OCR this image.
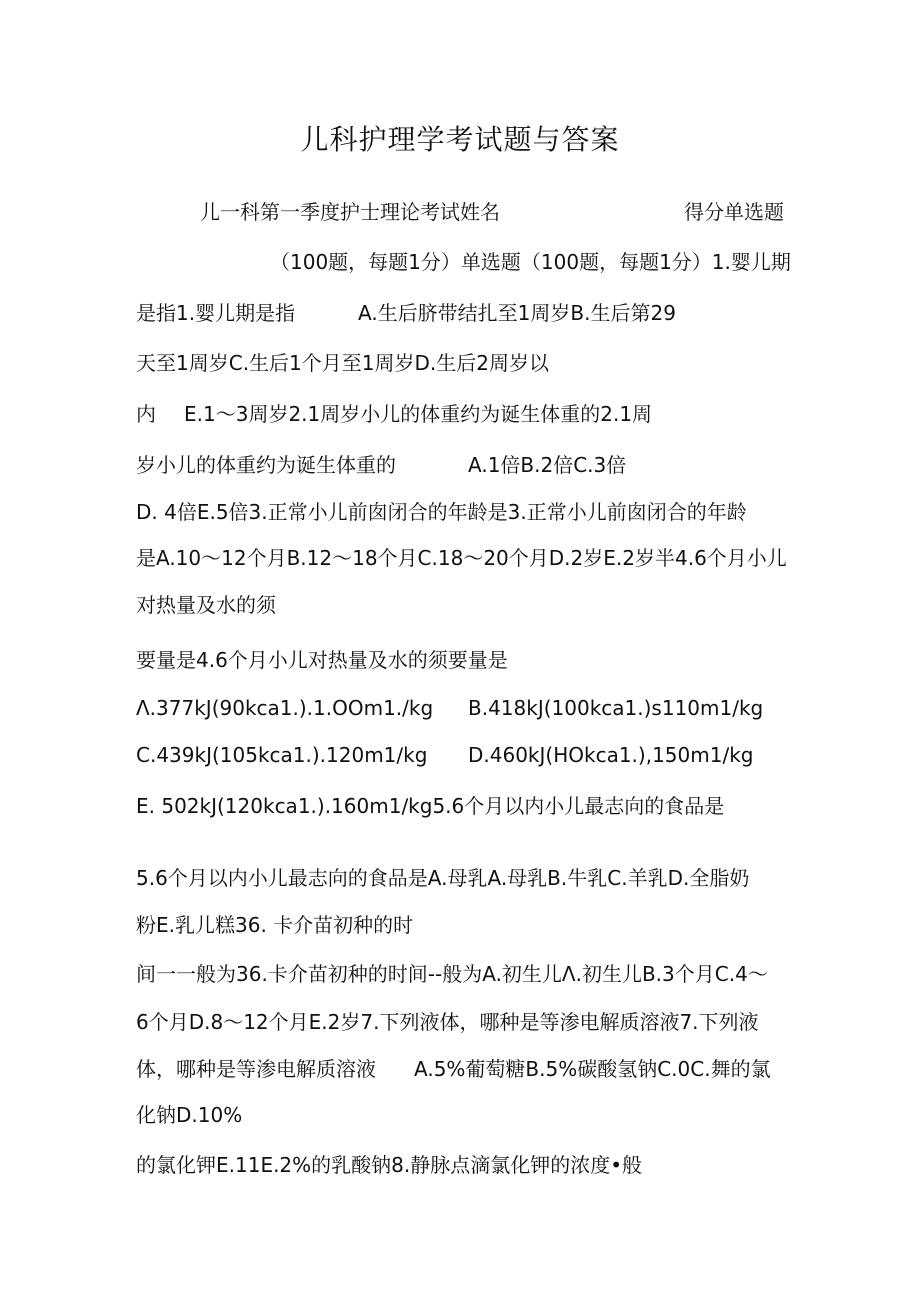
儿科护理学考试题与答案
儿一科第一季度护士理论考试姓名	得分单选题
（100题，每题1分）单选题（100题，每题1分）1.婴儿期
是指1.婴儿期是指	A.生后脐带结扎至1周岁B.生后第29
天至1周岁C.生后1个月至1周岁D.生后2周岁以
内 E.1～3周岁2.1周岁小儿的体重约为诞生体重的2.1周
岁小儿的体重约为诞生体重的	A.1倍B.2倍C.3倍
D. 4倍E.5倍3.正常小儿前囱闭合的年龄是3.正常小儿前囱闭合的年龄
是A.10～12个月B.12～18个月C.18～20个月D.2岁E.2岁半4.6个月小儿
对热量及水的须
要量是4.6个月小儿对热量及水的须要量是
Λ.377kJ(90kca1.).1.OOm1./kg B.418kJ(100kca1.)s110m1∕kg
C.439kJ(105kca1.).120m1∕kg D.460kJ(HOkca1.),150m1∕kg
E. 502kJ(120kca1.).160m1∕kg5.6个月以内小儿最志向的食品是
5.6个月以内小儿最志向的食品是A.母乳A.母乳B.牛乳C.羊乳D.全脂奶
粉E.乳儿糕36. 卡介苗初种的时
间一一般为36.卡介苗初种的时间--般为A.初生儿Λ.初生儿B.3个月C.4～
6个月D.8～12个月E.2岁7.下列液体，哪种是等渗电解质溶液7.下列液
体，哪种是等渗电解质溶液 A.5%葡萄糖B.5%碳酸氢钠C.0C.舞的氯
化钠D.10%
的氯化钾E.11E.2%的乳酸钠8.静脉点滴氯化钾的浓度•般
